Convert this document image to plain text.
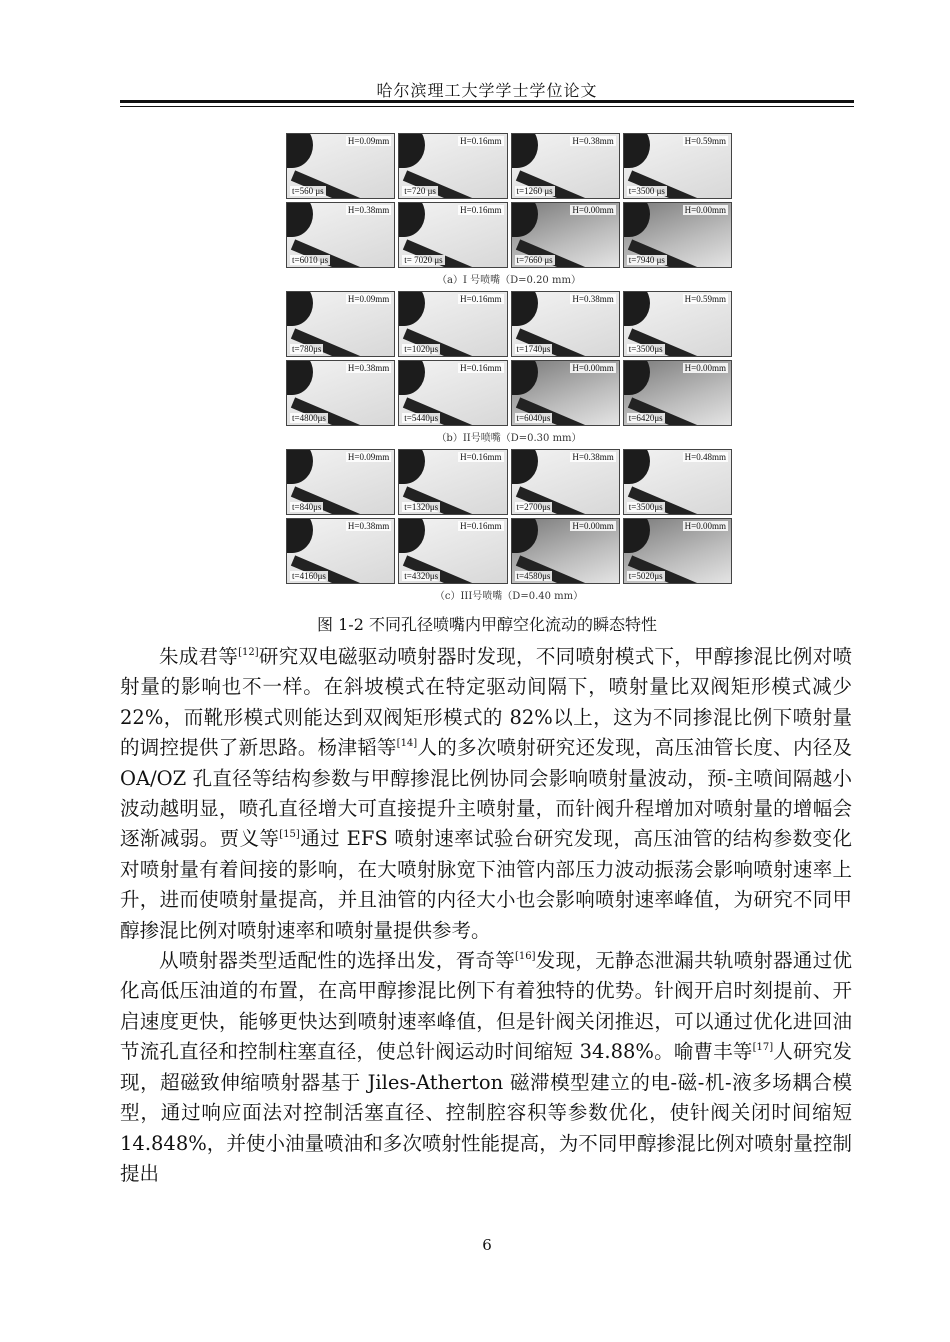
哈尔滨理工大学学士学位论文
H=0.09mm
t=560 μs
H=0.16mm
t=720 μs
H=0.38mm
t=1260 μs
H=0.59mm
t=3500 μs
H=0.38mm
t=6010 μs
H=0.16mm
t= 7020 μs
H=0.00mm
t=7660 μs
H=0.00mm
t=7940 μs
（a）I 号喷嘴（D=0.20 mm）
H=0.09mm
t=780μs
H=0.16mm
t=1020μs
H=0.38mm
t=1740μs
H=0.59mm
t=3500μs
H=0.38mm
t=4800μs
H=0.16mm
t=5440μs
H=0.00mm
t=6040μs
H=0.00mm
t=6420μs
（b）II号喷嘴（D=0.30 mm）
H=0.09mm
t=840μs
H=0.16mm
t=1320μs
H=0.38mm
t=2700μs
H=0.48mm
t=3500μs
H=0.38mm
t=4160μs
H=0.16mm
t=4320μs
H=0.00mm
t=4580μs
H=0.00mm
t=5020μs
（c）III号喷嘴（D=0.40 mm）
图 1-2 不同孔径喷嘴内甲醇空化流动的瞬态特性

朱成君等[12]研究双电磁驱动喷射器时发现，不同喷射模式下，甲醇掺混比例对喷射量的影响也不一样。在斜坡模式在特定驱动间隔下，喷射量比双阀矩形模式减少 22%，而靴形模式则能达到双阀矩形模式的 82%以上，这为不同掺混比例下喷射量的调控提供了新思路。杨津韬等[14]人的多次喷射研究还发现，高压油管长度、内径及 OA/OZ 孔直径等结构参数与甲醇掺混比例协同会影响喷射量波动，预-主喷间隔越小波动越明显，喷孔直径增大可直接提升主喷射量，而针阀升程增加对喷射量的增幅会逐渐减弱。贾义等[15]通过 EFS 喷射速率试验台研究发现，高压油管的结构参数变化对喷射量有着间接的影响，在大喷射脉宽下油管内部压力波动振荡会影响喷射速率上升，进而使喷射量提高，并且油管的内径大小也会影响喷射速率峰值，为研究不同甲醇掺混比例对喷射速率和喷射量提供参考。

从喷射器类型适配性的选择出发，胥奇等[16]发现，无静态泄漏共轨喷射器通过优化高低压油道的布置，在高甲醇掺混比例下有着独特的优势。针阀开启时刻提前、开启速度更快，能够更快达到喷射速率峰值，但是针阀关闭推迟，可以通过优化进回油节流孔直径和控制柱塞直径，使总针阀运动时间缩短 34.88%。喻曹丰等[17]人研究发现，超磁致伸缩喷射器基于 Jiles-Atherton 磁滞模型建立的电-磁-机-液多场耦合模型，通过响应面法对控制活塞直径、控制腔容积等参数优化，使针阀关闭时间缩短 14.848%，并使小油量喷油和多次喷射性能提高，为不同甲醇掺混比例对喷射量控制提出

6
